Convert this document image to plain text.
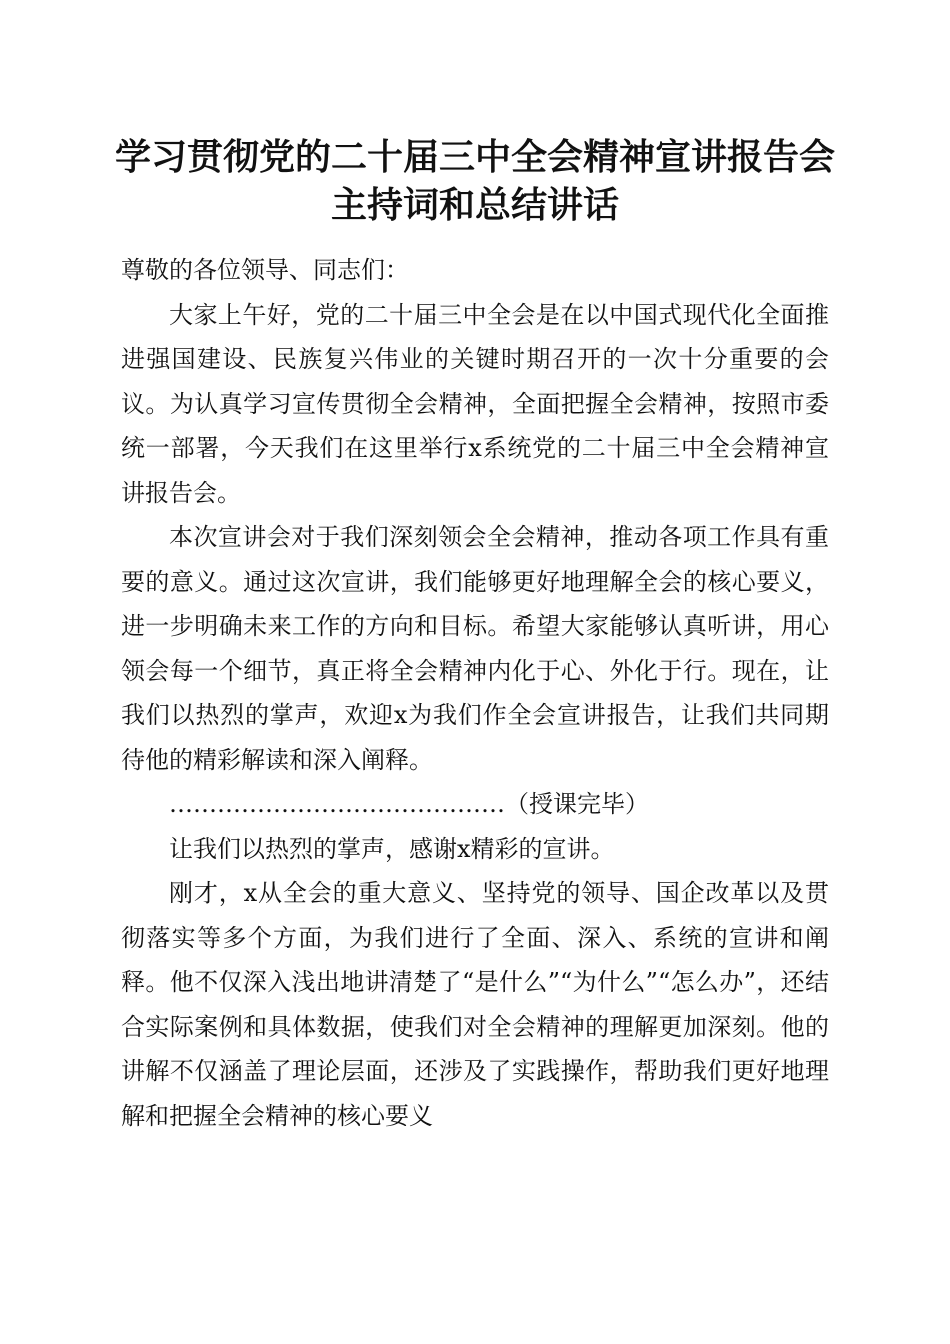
学习贯彻党的二十届三中全会精神宣讲报告会
主持词和总结讲话

尊敬的各位领导、同志们：

大家上午好，党的二十届三中全会是在以中国式现代化全面推进强国建设、民族复兴伟业的关键时期召开的一次十分重要的会议。为认真学习宣传贯彻全会精神，全面把握全会精神，按照市委统一部署，今天我们在这里举行x系统党的二十届三中全会精神宣讲报告会。

本次宣讲会对于我们深刻领会全会精神，推动各项工作具有重要的意义。通过这次宣讲，我们能够更好地理解全会的核心要义，进一步明确未来工作的方向和目标。希望大家能够认真听讲，用心领会每一个细节，真正将全会精神内化于心、外化于行。现在，让我们以热烈的掌声，欢迎x为我们作全会宣讲报告，让我们共同期待他的精彩解读和深入阐释。

……………………………………（授课完毕）

让我们以热烈的掌声，感谢x精彩的宣讲。

刚才，x从全会的重大意义、坚持党的领导、国企改革以及贯彻落实等多个方面，为我们进行了全面、深入、系统的宣讲和阐释。他不仅深入浅出地讲清楚了“是什么”“为什么”“怎么办”，还结合实际案例和具体数据，使我们对全会精神的理解更加深刻。他的讲解不仅涵盖了理论层面，还涉及了实践操作，帮助我们更好地理解和把握全会精神的核心要义
